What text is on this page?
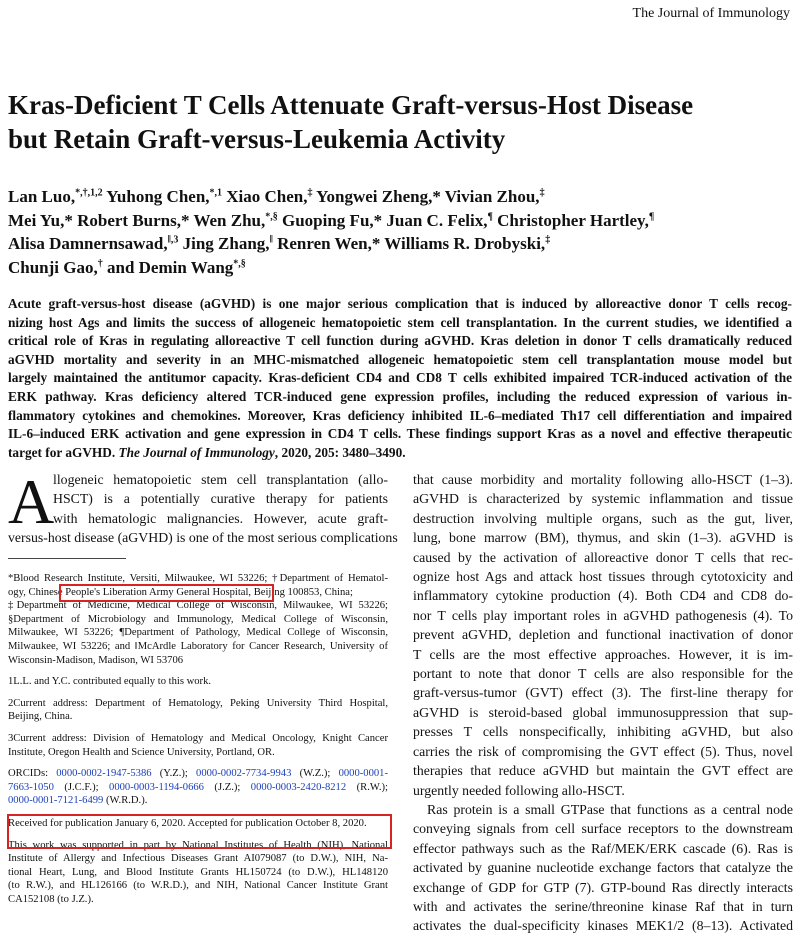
The Journal of Immunology
Kras-Deficient T Cells Attenuate Graft-versus-Host Disease
but Retain Graft-versus-Leukemia Activity
Lan Luo,$^{*,\dagger,1,2}$ Yuhong Chen,$^{*,1}$ Xiao Chen,‡ Yongwei Zheng,* Vivian Zhou,‡
Mei Yu,* Robert Burns,* Wen Zhu,*,§ Guoping Fu,* Juan C. Felix,¶ Christopher Hartley,¶
Alisa Damnernsawad,$^{‖,3}$ Jing Zhang,‖ Renren Wen,* Williams R. Drobyski,‡
Chunji Gao,† and Demin Wang*,§
Acute graft-versus-host disease (aGVHD) is one major serious complication that is induced by alloreactive donor T cells recog-
nizing host Ags and limits the success of allogeneic hematopoietic stem cell transplantation. In the current studies, we identified a
critical role of Kras in regulating alloreactive T cell function during aGVHD. Kras deletion in donor T cells dramatically reduced
aGVHD mortality and severity in an MHC-mismatched allogeneic hematopoietic stem cell transplantation mouse model but
largely maintained the antitumor capacity. Kras-deficient CD4 and CD8 T cells exhibited impaired TCR-induced activation of the
ERK pathway. Kras deficiency altered TCR-induced gene expression profiles, including the reduced expression of various in-
flammatory cytokines and chemokines. Moreover, Kras deficiency inhibited IL-6–mediated Th17 cell differentiation and impaired
IL-6–induced ERK activation and gene expression in CD4 T cells. These findings support Kras as a novel and effective therapeutic
target for aGVHD. The Journal of Immunology, 2020, 205: 3480–3490.
A
llogeneic hematopoietic stem cell transplantation (allo-
HSCT) is a potentially curative therapy for patients
with hematologic malignancies. However, acute graft-
versus-host disease (aGVHD) is one of the most serious complications
*Blood Research Institute, Versiti, Milwaukee, WI 53226; †Department of Hematol-
ogy, Chinese People's Liberation Army General Hospital, Beijing 100853, China;
‡Department of Medicine, Medical College of Wisconsin, Milwaukee, WI 53226;
§Department of Microbiology and Immunology, Medical College of Wisconsin,
Milwaukee, WI 53226; ¶Department of Pathology, Medical College of Wisconsin,
Milwaukee, WI 53226; and ‖McArdle Laboratory for Cancer Research, University of
Wisconsin-Madison, Madison, WI 53706
1L.L. and Y.C. contributed equally to this work.
2Current address: Department of Hematology, Peking University Third Hospital,
Beijing, China.
3Current address: Division of Hematology and Medical Oncology, Knight Cancer
Institute, Oregon Health and Science University, Portland, OR.
ORCIDs: 0000-0002-1947-5386 (Y.Z.); 0000-0002-7734-9943 (W.Z.); 0000-0001-
7663-1050 (J.C.F.); 0000-0003-1194-0666 (J.Z.); 0000-0003-2420-8212 (R.W.);
0000-0001-7121-6499 (W.R.D.).
Received for publication January 6, 2020. Accepted for publication October 8, 2020.
This work was supported in part by National Institutes of Health (NIH), National
Institute of Allergy and Infectious Diseases Grant AI079087 (to D.W.), NIH, Na-
tional Heart, Lung, and Blood Institute Grants HL150724 (to D.W.), HL148120
(to R.W.), and HL126166 (to W.R.D.), and NIH, National Cancer Institute Grant
CA152108 (to J.Z.).
that cause morbidity and mortality following allo-HSCT (1–3).
aGVHD is characterized by systemic inflammation and tissue
destruction involving multiple organs, such as the gut, liver,
lung, bone marrow (BM), thymus, and skin (1–3). aGVHD is
caused by the activation of alloreactive donor T cells that rec-
ognize host Ags and attack host tissues through cytotoxicity and
inflammatory cytokine production (4). Both CD4 and CD8 do-
nor T cells play important roles in aGVHD pathogenesis (4). To
prevent aGVHD, depletion and functional inactivation of donor
T cells are the most effective approaches. However, it is im-
portant to note that donor T cells are also responsible for the
graft-versus-tumor (GVT) effect (3). The first-line therapy for
aGVHD is steroid-based global immunosuppression that sup-
presses T cells nonspecifically, inhibiting aGVHD, but also
carries the risk of compromising the GVT effect (5). Thus, novel
therapies that reduce aGVHD but maintain the GVT effect are
urgently needed following allo-HSCT.
Ras protein is a small GTPase that functions as a central node
conveying signals from cell surface receptors to the downstream
effector pathways such as the Raf/MEK/ERK cascade (6). Ras is
activated by guanine nucleotide exchange factors that catalyze the
exchange of GDP for GTP (7). GTP-bound Ras directly interacts
with and activates the serine/threonine kinase Raf that in turn
activates the dual-specificity kinases MEK1/2 (8–13). Activated
